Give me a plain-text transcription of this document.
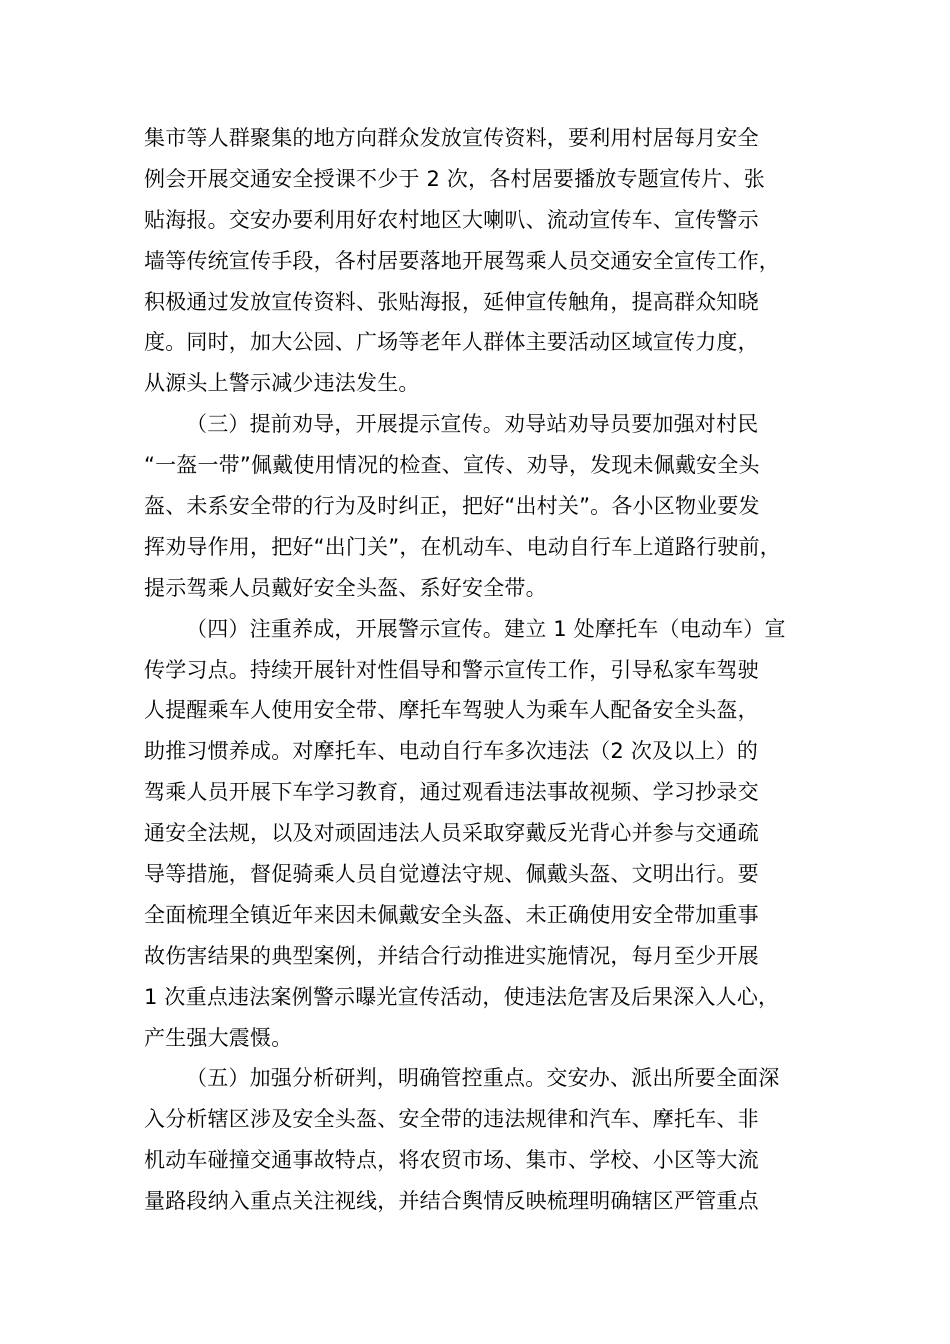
集市等人群聚集的地方向群众发放宣传资料，要利用村居每月安全
例会开展交通安全授课不少于 2 次，各村居要播放专题宣传片、张
贴海报。交安办要利用好农村地区大喇叭、流动宣传车、宣传警示
墙等传统宣传手段，各村居要落地开展驾乘人员交通安全宣传工作，
积极通过发放宣传资料、张贴海报，延伸宣传触角，提高群众知晓
度。同时，加大公园、广场等老年人群体主要活动区域宣传力度，
从源头上警示减少违法发生。
（三）提前劝导，开展提示宣传。劝导站劝导员要加强对村民
“一盔一带”佩戴使用情况的检查、宣传、劝导，发现未佩戴安全头
盔、未系安全带的行为及时纠正，把好“出村关”。各小区物业要发
挥劝导作用，把好“出门关”，在机动车、电动自行车上道路行驶前，
提示驾乘人员戴好安全头盔、系好安全带。
（四）注重养成，开展警示宣传。建立 1 处摩托车（电动车）宣
传学习点。持续开展针对性倡导和警示宣传工作，引导私家车驾驶
人提醒乘车人使用安全带、摩托车驾驶人为乘车人配备安全头盔，
助推习惯养成。对摩托车、电动自行车多次违法（2 次及以上）的
驾乘人员开展下车学习教育，通过观看违法事故视频、学习抄录交
通安全法规，以及对顽固违法人员采取穿戴反光背心并参与交通疏
导等措施，督促骑乘人员自觉遵法守规、佩戴头盔、文明出行。要
全面梳理全镇近年来因未佩戴安全头盔、未正确使用安全带加重事
故伤害结果的典型案例，并结合行动推进实施情况，每月至少开展
1 次重点违法案例警示曝光宣传活动，使违法危害及后果深入人心，
产生强大震慑。
（五）加强分析研判，明确管控重点。交安办、派出所要全面深
入分析辖区涉及安全头盔、安全带的违法规律和汽车、摩托车、非
机动车碰撞交通事故特点，将农贸市场、集市、学校、小区等大流
量路段纳入重点关注视线，并结合舆情反映梳理明确辖区严管重点
